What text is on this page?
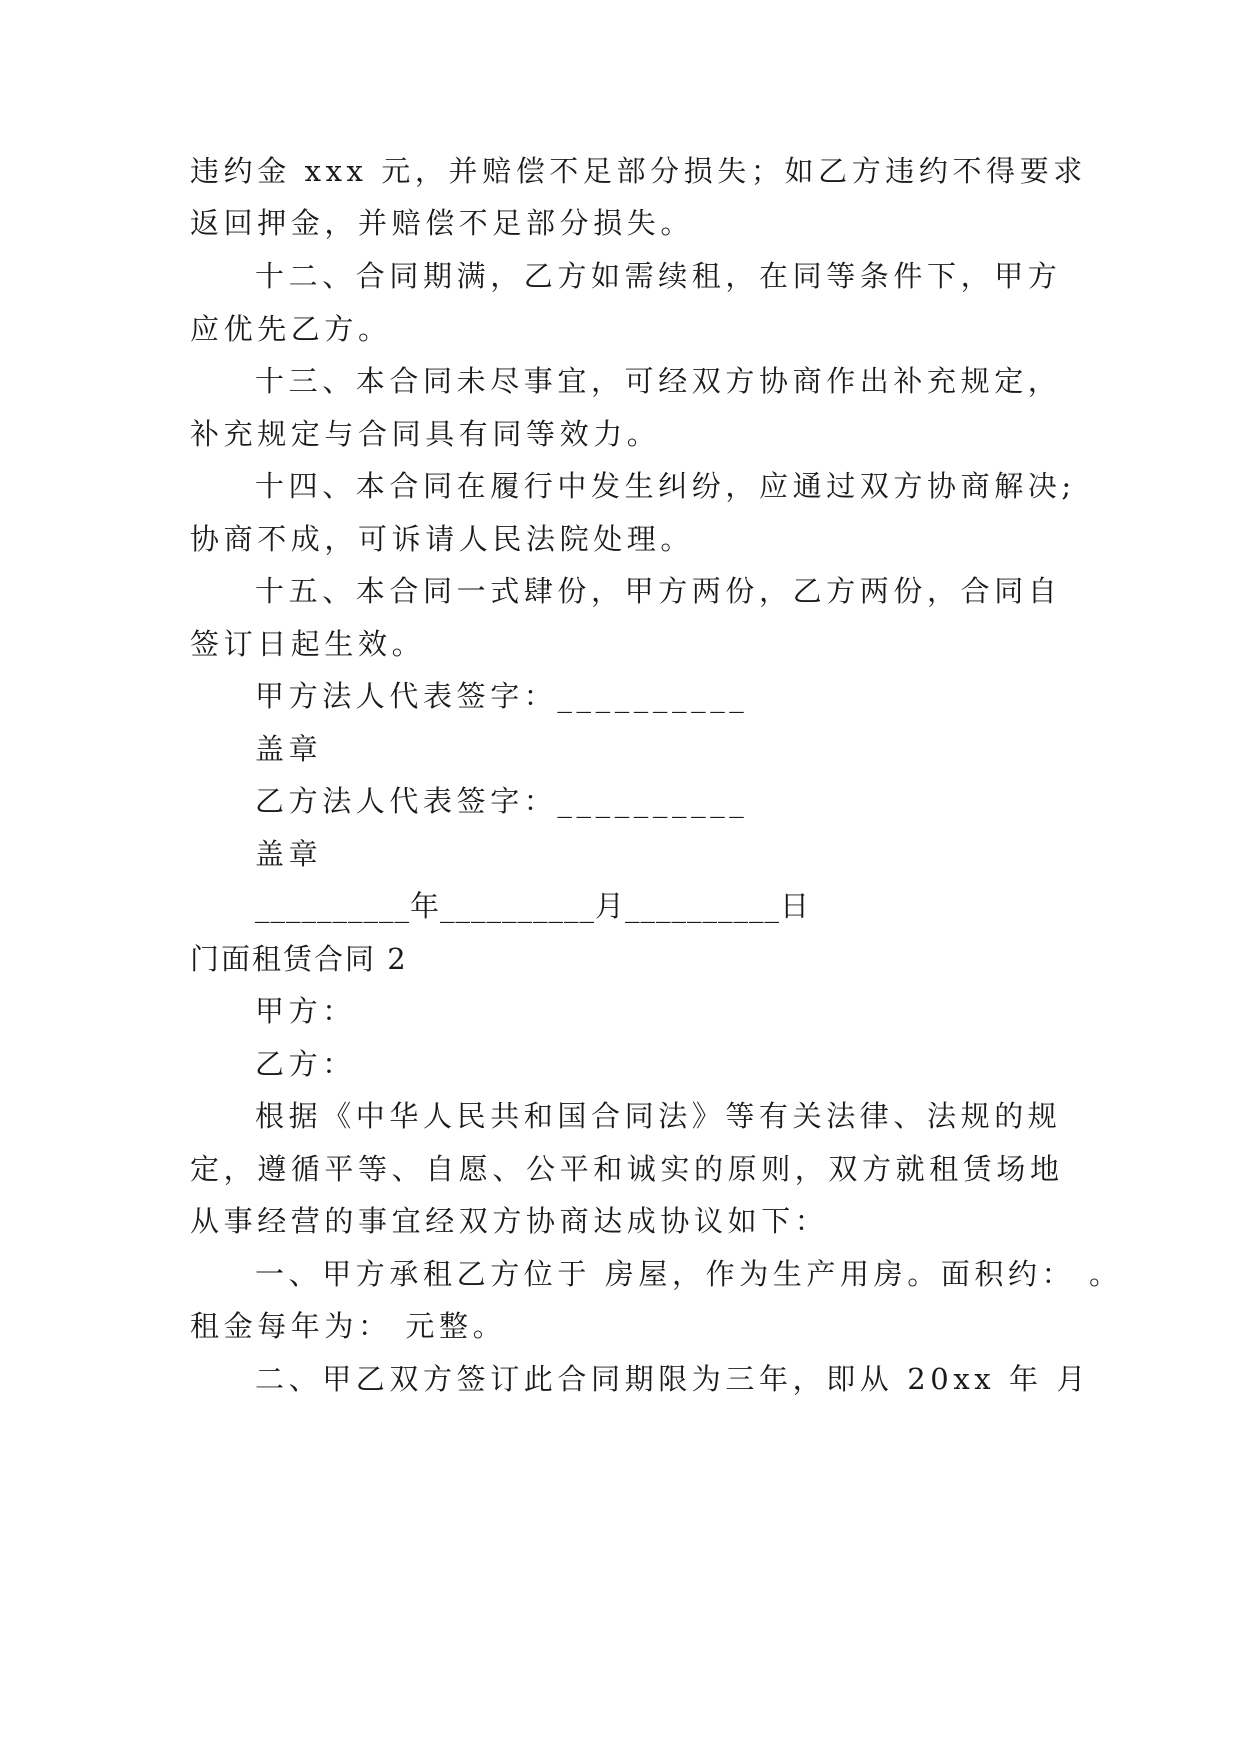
违约金 xxx 元，并赔偿不足部分损失；如乙方违约不得要求
返回押金，并赔偿不足部分损失。
十二、合同期满，乙方如需续租，在同等条件下，甲方
应优先乙方。
十三、本合同未尽事宜，可经双方协商作出补充规定，
补充规定与合同具有同等效力。
十四、本合同在履行中发生纠纷，应通过双方协商解决;
协商不成，可诉请人民法院处理。
十五、本合同一式肆份，甲方两份，乙方两份，合同自
签订日起生效。
甲方法人代表签字：__________
盖章
乙方法人代表签字：__________
盖章
__________年__________月__________日
门面租赁合同 2
甲方：
乙方：
根据《中华人民共和国合同法》等有关法律、法规的规
定，遵循平等、自愿、公平和诚实的原则，双方就租赁场地
从事经营的事宜经双方协商达成协议如下：
一、甲方承租乙方位于 房屋，作为生产用房。面积约： 。
租金每年为： 元整。
二、甲乙双方签订此合同期限为三年，即从 20xx 年 月
